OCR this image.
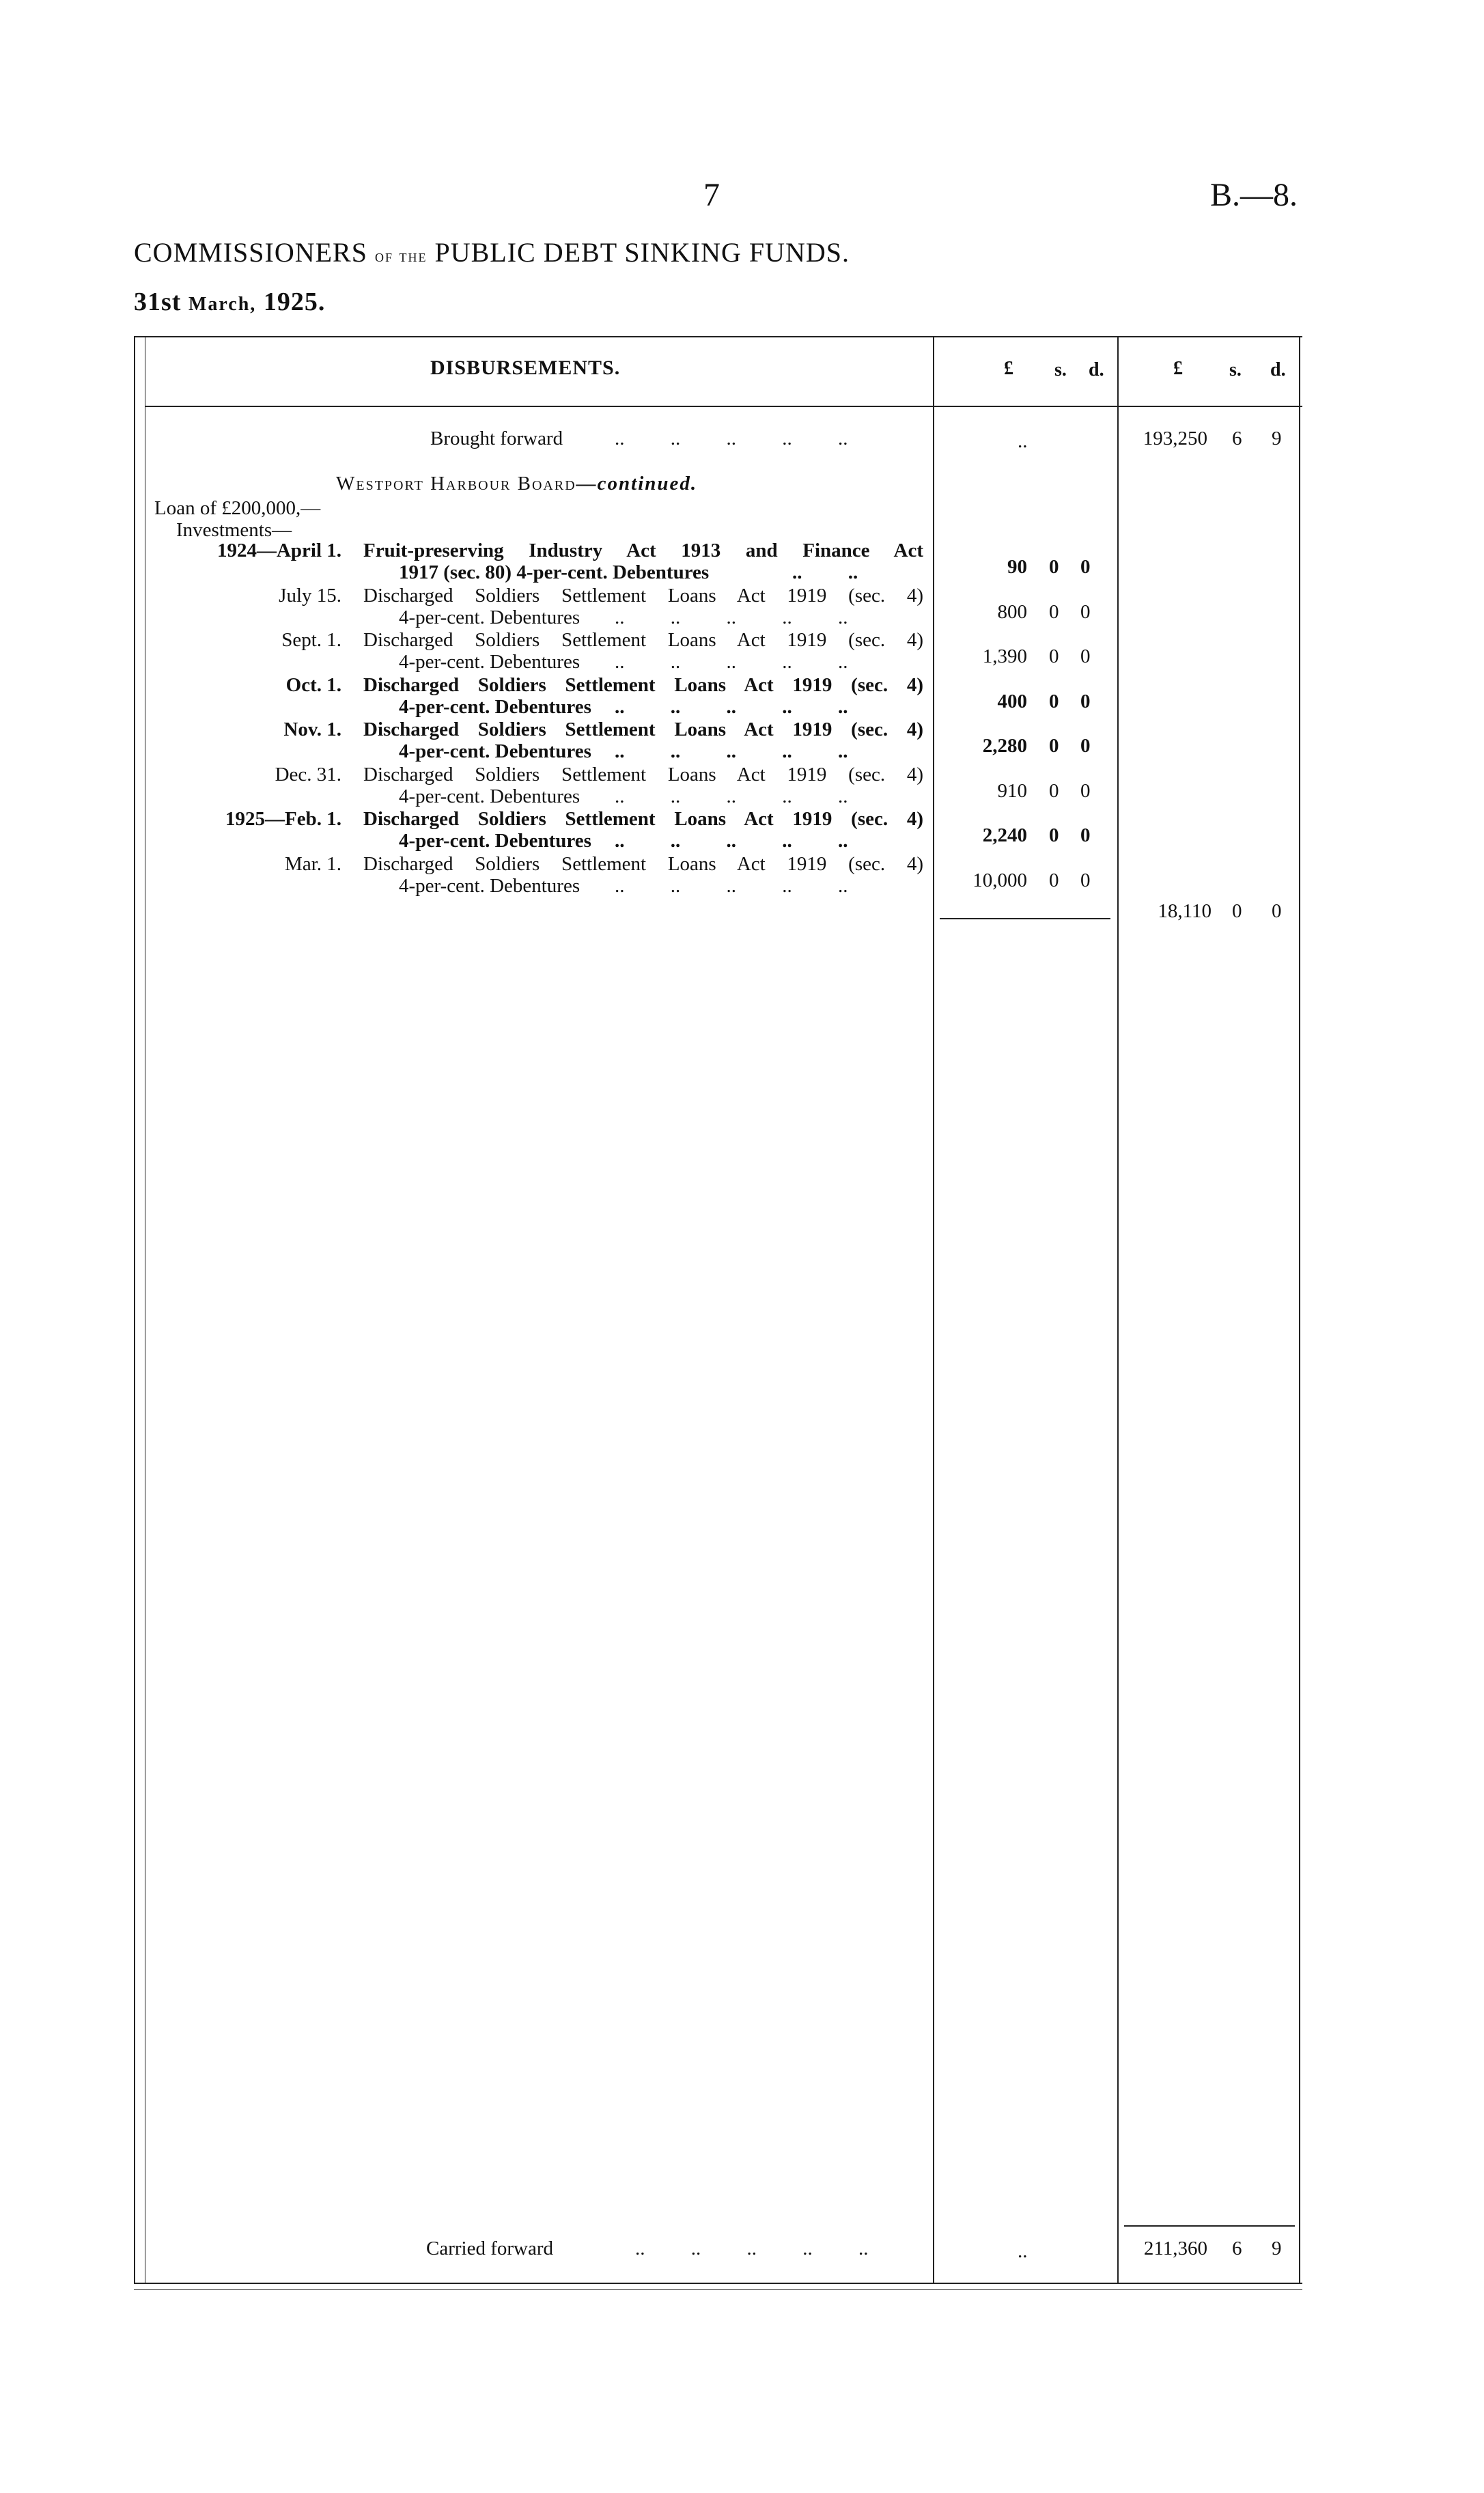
7	B.—8.
COMMISSIONERS of the PUBLIC DEBT SINKING FUNDS.
31st March, 1925.
DISBURSEMENTS.	£ s. d.	£ s. d.
Brought forward	.. .. .. .. ..	..	193,250 6 9
Westport Harbour Board—continued.
Loan of £200,000,—
Investments—
1924—April 1. Fruit-preserving Industry Act 1913 and Finance Act
1917 (sec. 80) 4-per-cent. Debentures	.. ..	90 0 0
July 15. Discharged Soldiers Settlement Loans Act 1919 (sec. 4)
4-per-cent. Debentures .. .. .. .. ..	800 0 0
Sept. 1. Discharged Soldiers Settlement Loans Act 1919 (sec. 4)
4-per-cent. Debentures .. .. .. .. ..	1,390 0 0
Oct. 1. Discharged Soldiers Settlement Loans Act 1919 (sec. 4)
4-per-cent. Debentures .. .. .. .. ..	400 0 0
Nov. 1. Discharged Soldiers Settlement Loans Act 1919 (sec. 4)
4-per-cent. Debentures .. .. .. .. ..	2,280 0 0
Dec. 31. Discharged Soldiers Settlement Loans Act 1919 (sec. 4)
4-per-cent. Debentures .. .. .. .. ..	910 0 0
1925—Feb. 1. Discharged Soldiers Settlement Loans Act 1919 (sec. 4)
4-per-cent. Debentures .. .. .. .. ..	2,240 0 0
Mar. 1. Discharged Soldiers Settlement Loans Act 1919 (sec. 4)
4-per-cent. Debentures .. .. .. .. ..	10,000 0 0
18,110 0 0
Carried forward	.. .. .. .. ..	..	211,360 6 9
